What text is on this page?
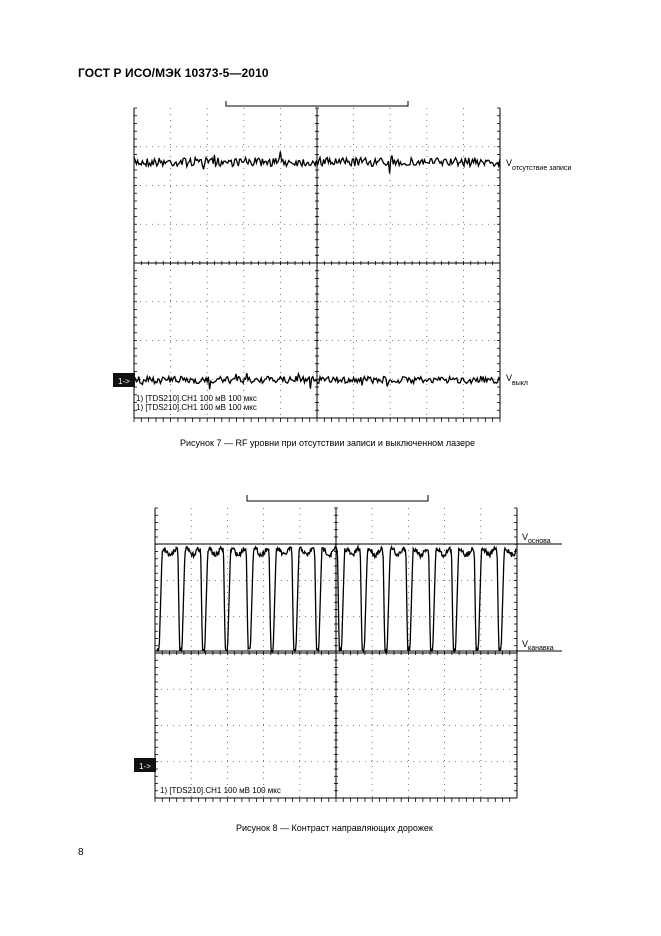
ГОСТ Р ИСО/МЭК 10373-5—2010
1->
1) [TDS210].CH1 100 мВ 100 мкс
1) [TDS210].CH1 100 мВ 100 мкс
V
отсутствие записи
V
выкл
1->
1) [TDS210].CH1 100 мВ 100 мкс
V основа
V канавка
Рисунок 7 — RF уровни при отсутствии записи и выключенном лазере
Рисунок 8 — Контраст направляющих дорожек
8
